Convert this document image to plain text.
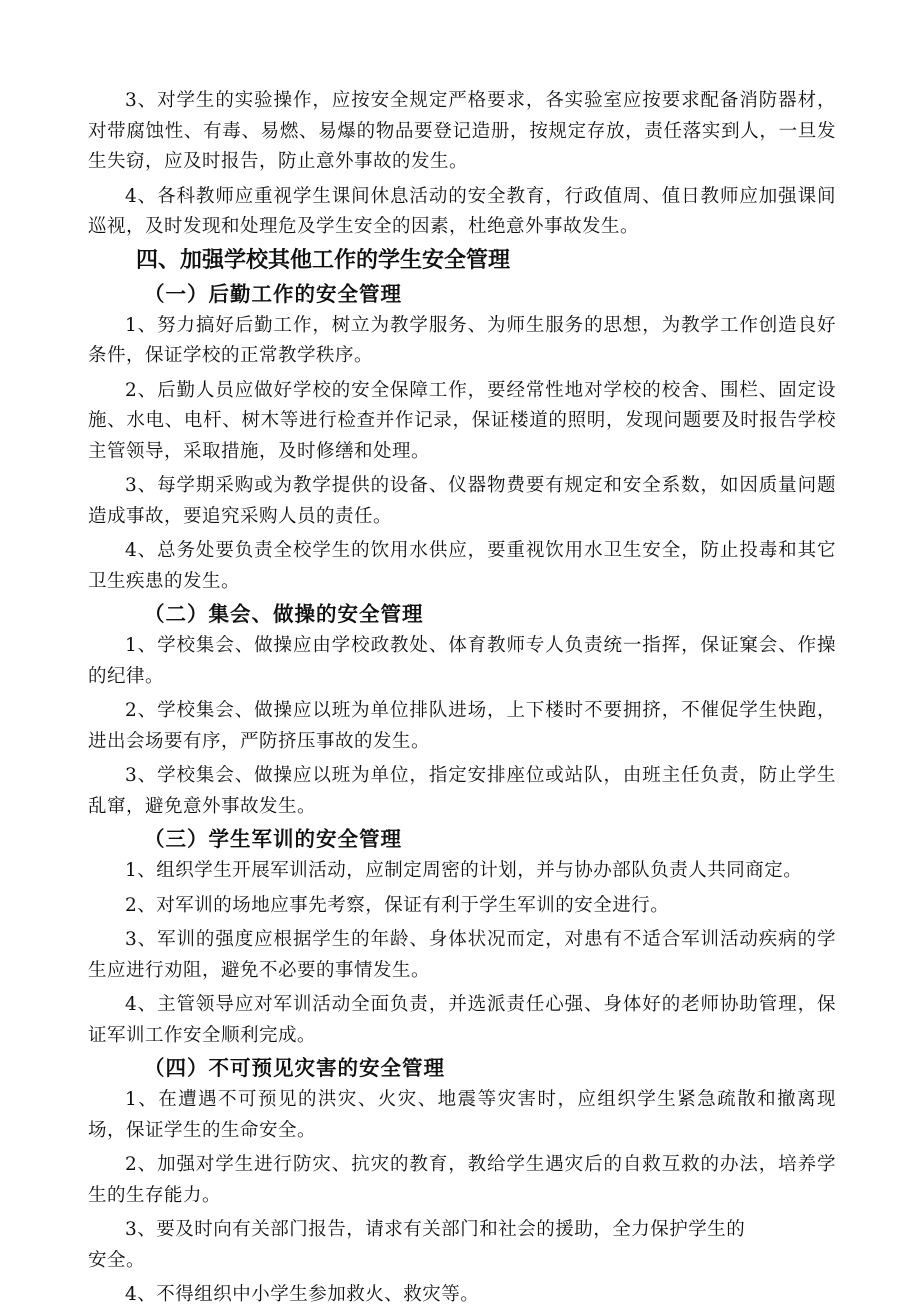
3、对学生的实验操作，应按安全规定严格要求，各实验室应按要求配备消防器材，对带腐蚀性、有毒、易燃、易爆的物品要登记造册，按规定存放，责任落实到人，一旦发生失窃，应及时报告，防止意外事故的发生。

4、各科教师应重视学生课间休息活动的安全教育，行政值周、值日教师应加强课间巡视，及时发现和处理危及学生安全的因素，杜绝意外事故发生。

四、加强学校其他工作的学生安全管理
（一）后勤工作的安全管理

1、努力搞好后勤工作，树立为教学服务、为师生服务的思想，为教学工作创造良好条件，保证学校的正常教学秩序。

2、后勤人员应做好学校的安全保障工作，要经常性地对学校的校舍、围栏、固定设施、水电、电杆、树木等进行检查并作记录，保证楼道的照明，发现问题要及时报告学校主管领导，采取措施，及时修缮和处理。

3、每学期采购或为教学提供的设备、仪器物费要有规定和安全系数，如因质量问题造成事故，要追究采购人员的责任。

4、总务处要负责全校学生的饮用水供应，要重视饮用水卫生安全，防止投毒和其它卫生疾患的发生。

（二）集会、做操的安全管理

1、学校集会、做操应由学校政教处、体育教师专人负责统一指挥，保证窠会、作操的纪律。

2、学校集会、做操应以班为单位排队进场，上下楼时不要拥挤，不催促学生快跑，进出会场要有序，严防挤压事故的发生。

3、学校集会、做操应以班为单位，指定安排座位或站队，由班主任负责，防止学生乱窜，避免意外事故发生。

（三）学生军训的安全管理

1、组织学生开展军训活动，应制定周密的计划，并与协办部队负责人共同商定。

2、对军训的场地应事先考察，保证有利于学生军训的安全进行。

3、军训的强度应根据学生的年龄、身体状况而定，对患有不适合军训活动疾病的学生应进行劝阻，避免不必要的事情发生。

4、主管领导应对军训活动全面负责，并选派责任心强、身体好的老师协助管理，保证军训工作安全顺利完成。

（四）不可预见灾害的安全管理

1、在遭遇不可预见的洪灾、火灾、地震等灾害时，应组织学生紧急疏散和撤离现场，保证学生的生命安全。

2、加强对学生进行防灾、抗灾的教育，教给学生遇灾后的自救互救的办法，培养学生的生存能力。

3、要及时向有关部门报告，请求有关部门和社会的援助，全力保护学生的
安全。

4、不得组织中小学生参加救火、救灾等。
